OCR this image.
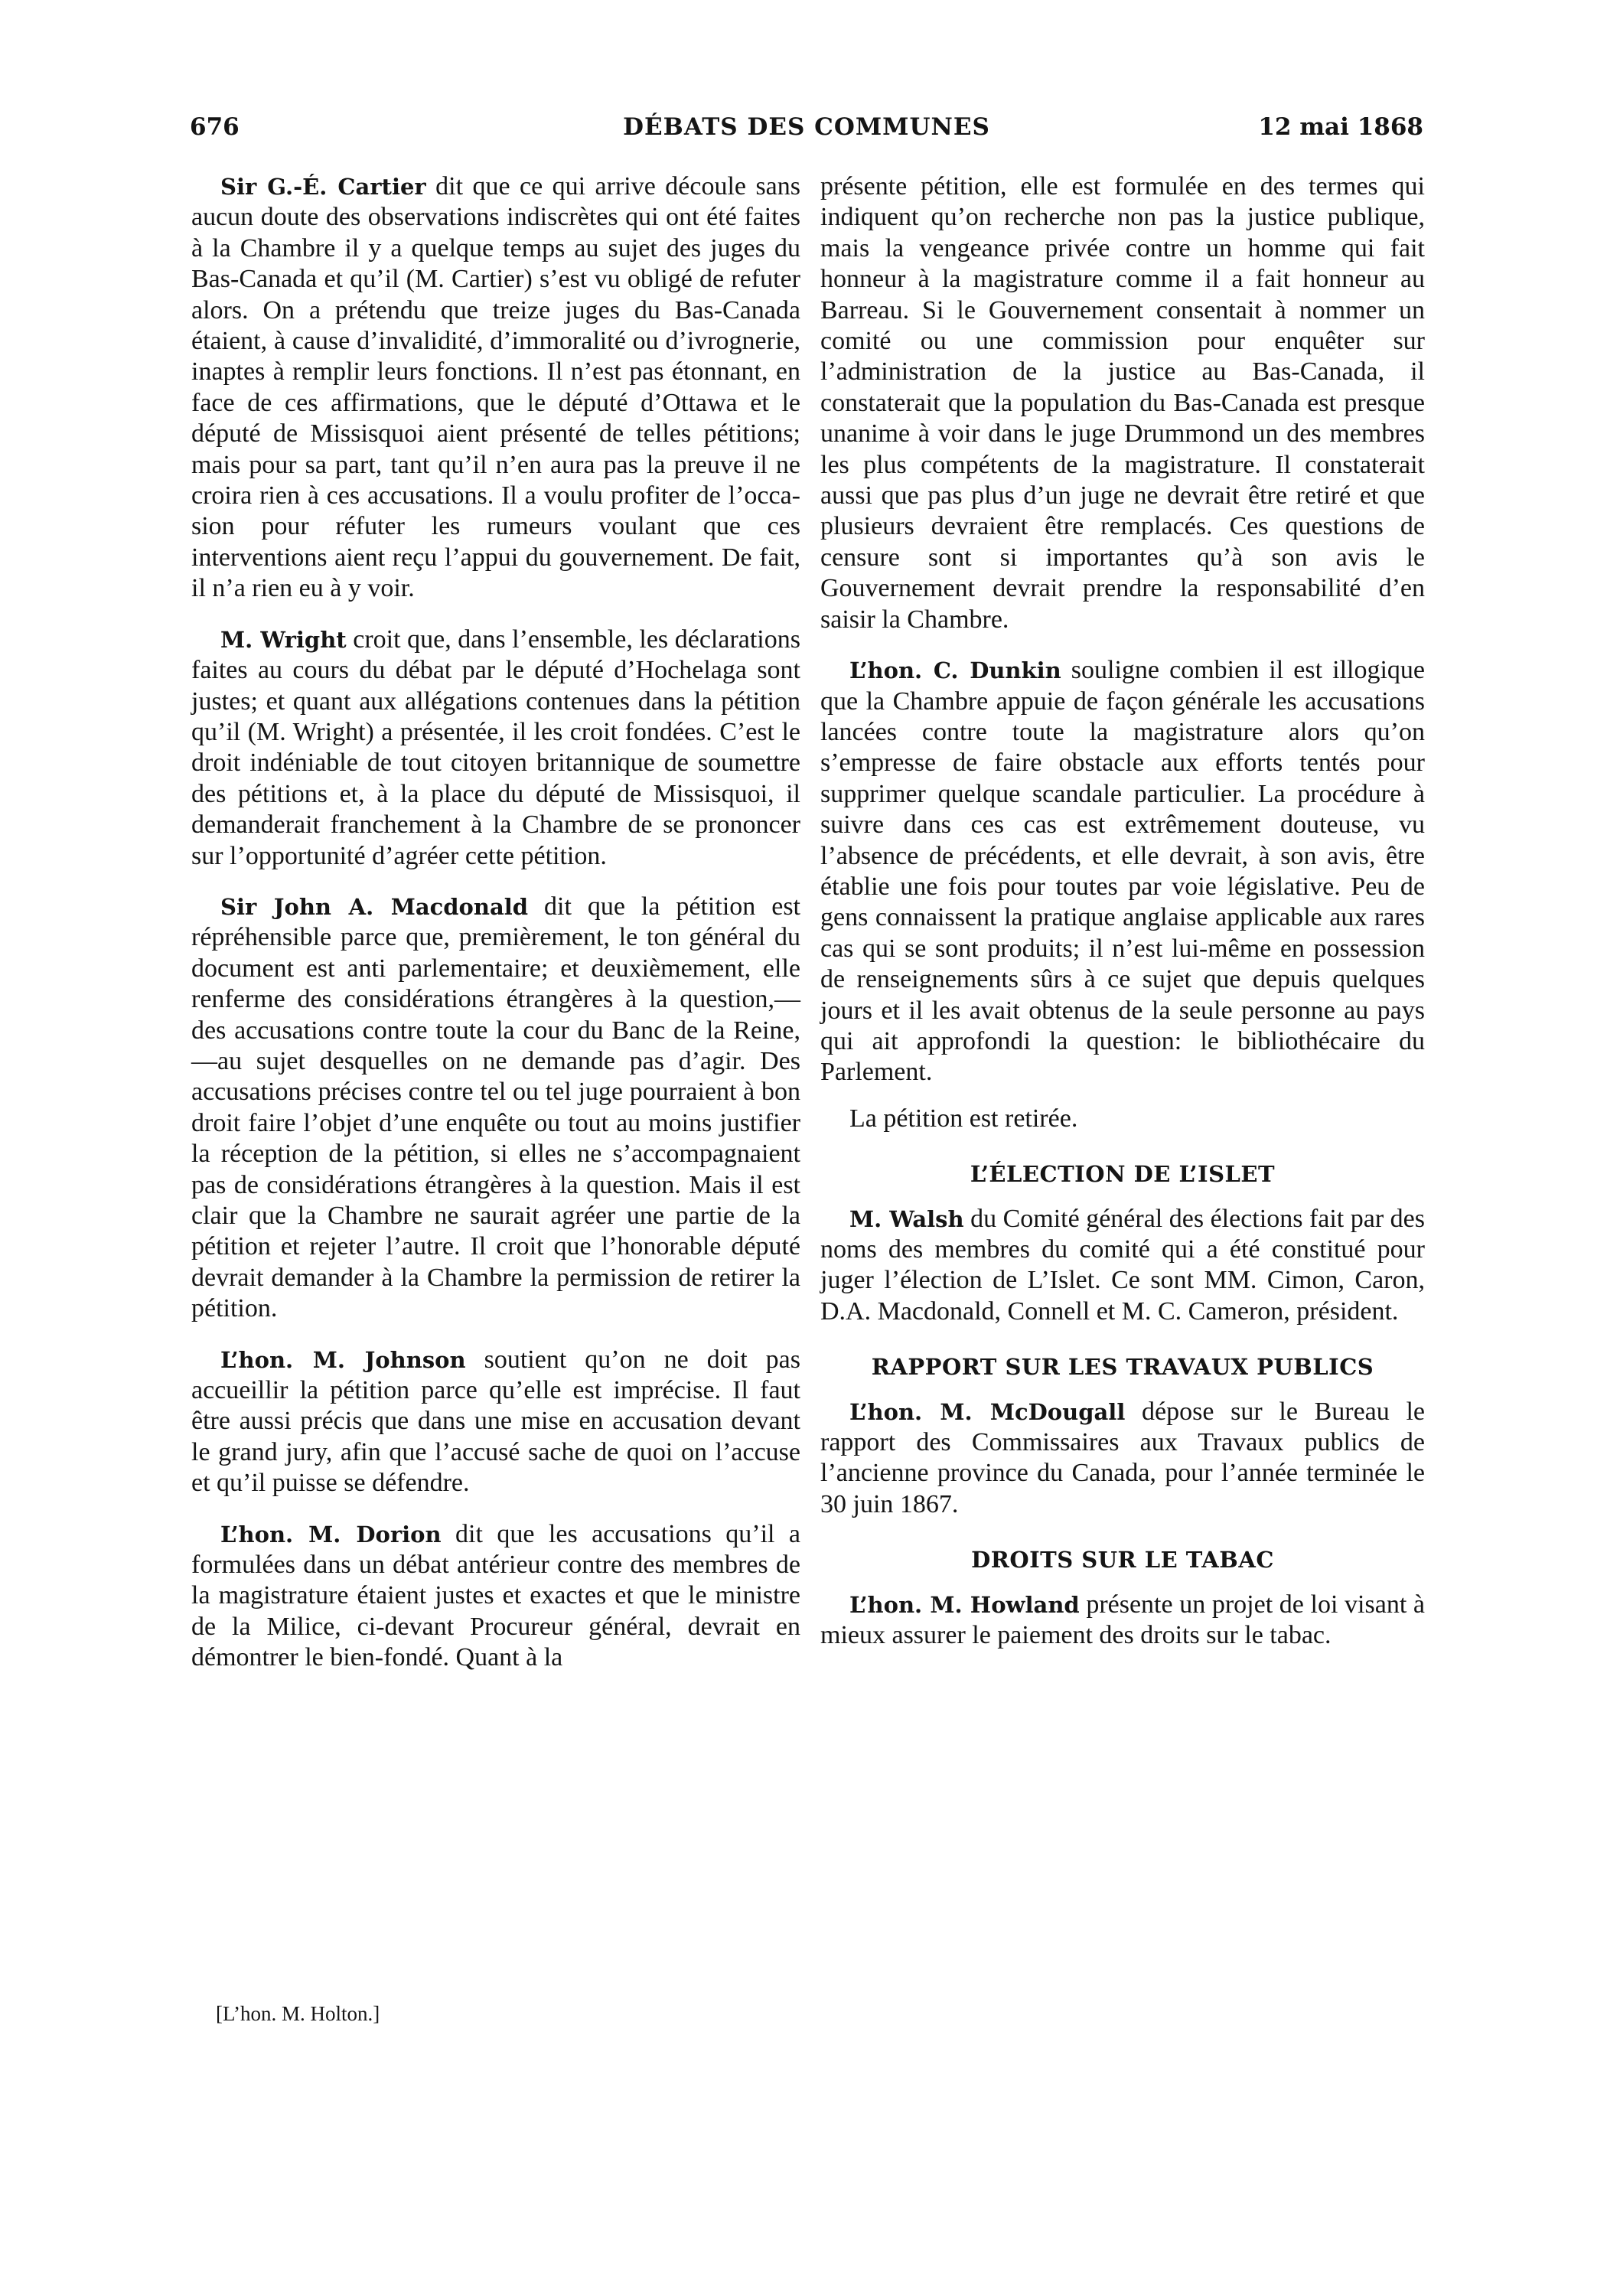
676	DÉBATS DES COMMUNES	12 mai 1868

Sir G.-É. Cartier dit que ce qui arrive découle sans aucun doute des observations indiscrètes qui ont été faites à la Chambre il y a quelque temps au sujet des juges du Bas-Canada et qu’il (M. Cartier) s’est vu obligé de refuter alors. On a prétendu que treize juges du Bas-Canada étaient, à cause d’invalidité, d’immoralité ou d’ivrognerie, inaptes à remplir leurs fonctions. Il n’est pas étonnant, en face de ces affirmations, que le député d’Ottawa et le député de Missisquoi aient présenté de telles pétitions; mais pour sa part, tant qu’il n’en aura pas la preuve il ne croira rien à ces accusations. Il a voulu profiter de l’occasion pour réfuter les rumeurs voulant que ces interventions aient reçu l’appui du gouvernement. De fait, il n’a rien eu à y voir.

M. Wright croit que, dans l’ensemble, les déclarations faites au cours du débat par le député d’Hochelaga sont justes; et quant aux allégations contenues dans la pétition qu’il (M. Wright) a présentée, il les croit fondées. C’est le droit indéniable de tout citoyen britannique de soumettre des pétitions et, à la place du député de Missisquoi, il demanderait franchement à la Chambre de se prononcer sur l’opportunité d’agréer cette pétition.

Sir John A. Macdonald dit que la pétition est répréhensible parce que, premièrement, le ton général du document est anti parlementaire; et deuxièmement, elle renferme des considérations étrangères à la question,—des accusations contre toute la cour du Banc de la Reine,—au sujet desquelles on ne demande pas d’agir. Des accusations précises contre tel ou tel juge pourraient à bon droit faire l’objet d’une enquête ou tout au moins justifier la réception de la pétition, si elles ne s’accompagnaient pas de considérations étrangères à la question. Mais il est clair que la Chambre ne saurait agréer une partie de la pétition et rejeter l’autre. Il croit que l’honorable député devrait demander à la Chambre la permission de retirer la pétition.

L’hon. M. Johnson soutient qu’on ne doit pas accueillir la pétition parce qu’elle est imprécise. Il faut être aussi précis que dans une mise en accusation devant le grand jury, afin que l’accusé sache de quoi on l’accuse et qu’il puisse se défendre.

L’hon. M. Dorion dit que les accusations qu’il a formulées dans un débat antérieur contre des membres de la magistrature étaient justes et exactes et que le ministre de la Milice, ci-devant Procureur général, devrait en démontrer le bien-fondé. Quant à la

[L’hon. M. Holton.]

présente pétition, elle est formulée en des termes qui indiquent qu’on recherche non pas la justice publique, mais la vengeance privée contre un homme qui fait honneur à la magistrature comme il a fait honneur au Barreau. Si le Gouvernement consentait à nommer un comité ou une commission pour enquêter sur l’administration de la justice au Bas-Canada, il constaterait que la population du Bas-Canada est presque unanime à voir dans le juge Drummond un des membres les plus compétents de la magistrature. Il constaterait aussi que pas plus d’un juge ne devrait être retiré et que plusieurs devraient être remplacés. Ces questions de censure sont si importantes qu’à son avis le Gouvernement devrait prendre la responsabilité d’en saisir la Chambre.

L’hon. C. Dunkin souligne combien il est illogique que la Chambre appuie de façon générale les accusations lancées contre toute la magistrature alors qu’on s’empresse de faire obstacle aux efforts tentés pour supprimer quelque scandale particulier. La procédure à suivre dans ces cas est extrêmement douteuse, vu l’absence de précédents, et elle devrait, à son avis, être établie une fois pour toutes par voie législative. Peu de gens connaissent la pratique anglaise applicable aux rares cas qui se sont produits; il n’est lui-même en possession de renseignements sûrs à ce sujet que depuis quelques jours et il les avait obtenus de la seule personne au pays qui ait approfondi la question: le bibliothécaire du Parlement.

La pétition est retirée.

L’ÉLECTION DE L’ISLET

M. Walsh du Comité général des élections fait par des noms des membres du comité qui a été constitué pour juger l’élection de L’Islet. Ce sont MM. Cimon, Caron, D.A. Macdonald, Connell et M. C. Cameron, président.

RAPPORT SUR LES TRAVAUX PUBLICS

L’hon. M. McDougall dépose sur le Bureau le rapport des Commissaires aux Travaux publics de l’ancienne province du Canada, pour l’année terminée le 30 juin 1867.

DROITS SUR LE TABAC

L’hon. M. Howland présente un projet de loi visant à mieux assurer le paiement des droits sur le tabac.
